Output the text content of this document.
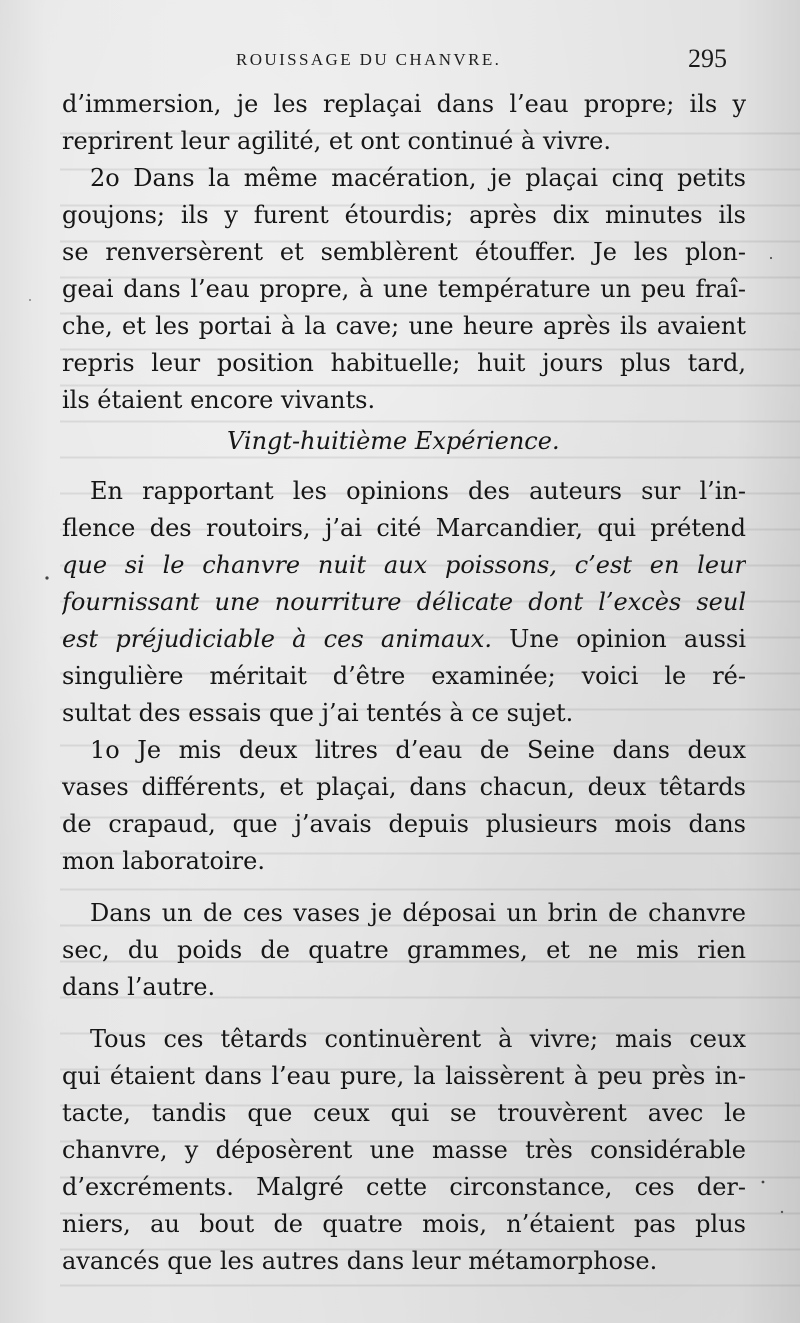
ROUISSAGE DU CHANVRE.	295
d’immersion, je les replaçai dans l’eau propre; ils y
reprirent leur agilité, et ont continué à vivre.
2o Dans la même macération, je plaçai cinq petits
goujons; ils y furent étourdis; après dix minutes ils
se renversèrent et semblèrent étouffer. Je les plon-
geai dans l’eau propre, à une température un peu fraî-
che, et les portai à la cave; une heure après ils avaient
repris leur position habituelle; huit jours plus tard,
ils étaient encore vivants.
Vingt-huitième Expérience.
En rapportant les opinions des auteurs sur l’in-
flence des routoirs, j’ai cité Marcandier, qui prétend
que si le chanvre nuit aux poissons, c’est en leur
fournissant une nourriture délicate dont l’excès seul
est préjudiciable à ces animaux. Une opinion aussi
singulière méritait d’être examinée; voici le ré-
sultat des essais que j’ai tentés à ce sujet.
1o Je mis deux litres d’eau de Seine dans deux
vases différents, et plaçai, dans chacun, deux têtards
de crapaud, que j’avais depuis plusieurs mois dans
mon laboratoire.
Dans un de ces vases je déposai un brin de chanvre
sec, du poids de quatre grammes, et ne mis rien
dans l’autre.
Tous ces têtards continuèrent à vivre; mais ceux
qui étaient dans l’eau pure, la laissèrent à peu près in-
tacte, tandis que ceux qui se trouvèrent avec le
chanvre, y déposèrent une masse très considérable
d’excréments. Malgré cette circonstance, ces der-
niers, au bout de quatre mois, n’étaient pas plus
avancés que les autres dans leur métamorphose.
